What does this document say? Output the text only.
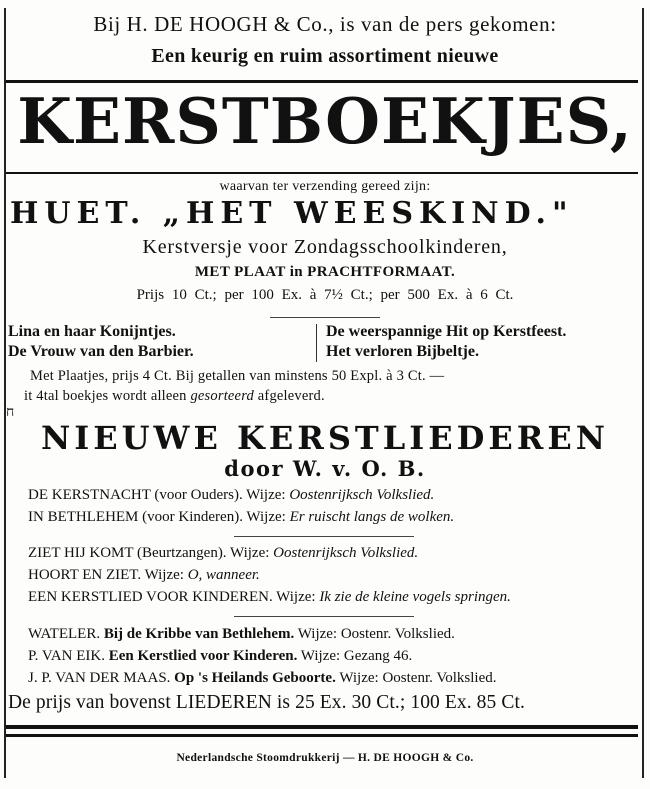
Bij H. DE HOOGH & Co., is van de pers gekomen:
Een keurig en ruim assortiment nieuwe
KERSTBOEKJES,
waarvan ter verzending gereed zijn:
HUET. „HET WEESKIND."
Kerstversje voor Zondagsschoolkinderen,
MET PLAAT in PRACHTFORMAAT.
Prijs 10 Ct.; per 100 Ex. à 7½ Ct.; per 500 Ex. à 6 Ct.
Lina en haar Konijntjes.
De Vrouw van den Barbier.
De weerspannige Hit op Kerstfeest.
Het verloren Bijbeltje.
Met Plaatjes, prijs 4 Ct. Bij getallen van minstens 50 Expl. à 3 Ct. —
it 4tal boekjes wordt alleen gesorteerd afgeleverd.
ח
NIEUWE KERSTLIEDEREN
door W. v. O. B.
DE KERSTNACHT (voor Ouders). Wijze: Oostenrijksch Volkslied.
IN BETHLEHEM (voor Kinderen). Wijze: Er ruischt langs de wolken.
ZIET HIJ KOMT (Beurtzangen). Wijze: Oostenrijksch Volkslied.
HOORT EN ZIET. Wijze: O, wanneer.
EEN KERSTLIED VOOR KINDEREN. Wijze: Ik zie de kleine vogels springen.
WATELER. Bij de Kribbe van Bethlehem. Wijze: Oostenr. Volkslied.
P. VAN EIK. Een Kerstlied voor Kinderen. Wijze: Gezang 46.
J. P. VAN DER MAAS. Op 's Heilands Geboorte. Wijze: Oostenr. Volkslied.
De prijs van bovenst LIEDEREN is 25 Ex. 30 Ct.; 100 Ex. 85 Ct.
Nederlandsche Stoomdrukkerij — H. DE HOOGH & Co.
